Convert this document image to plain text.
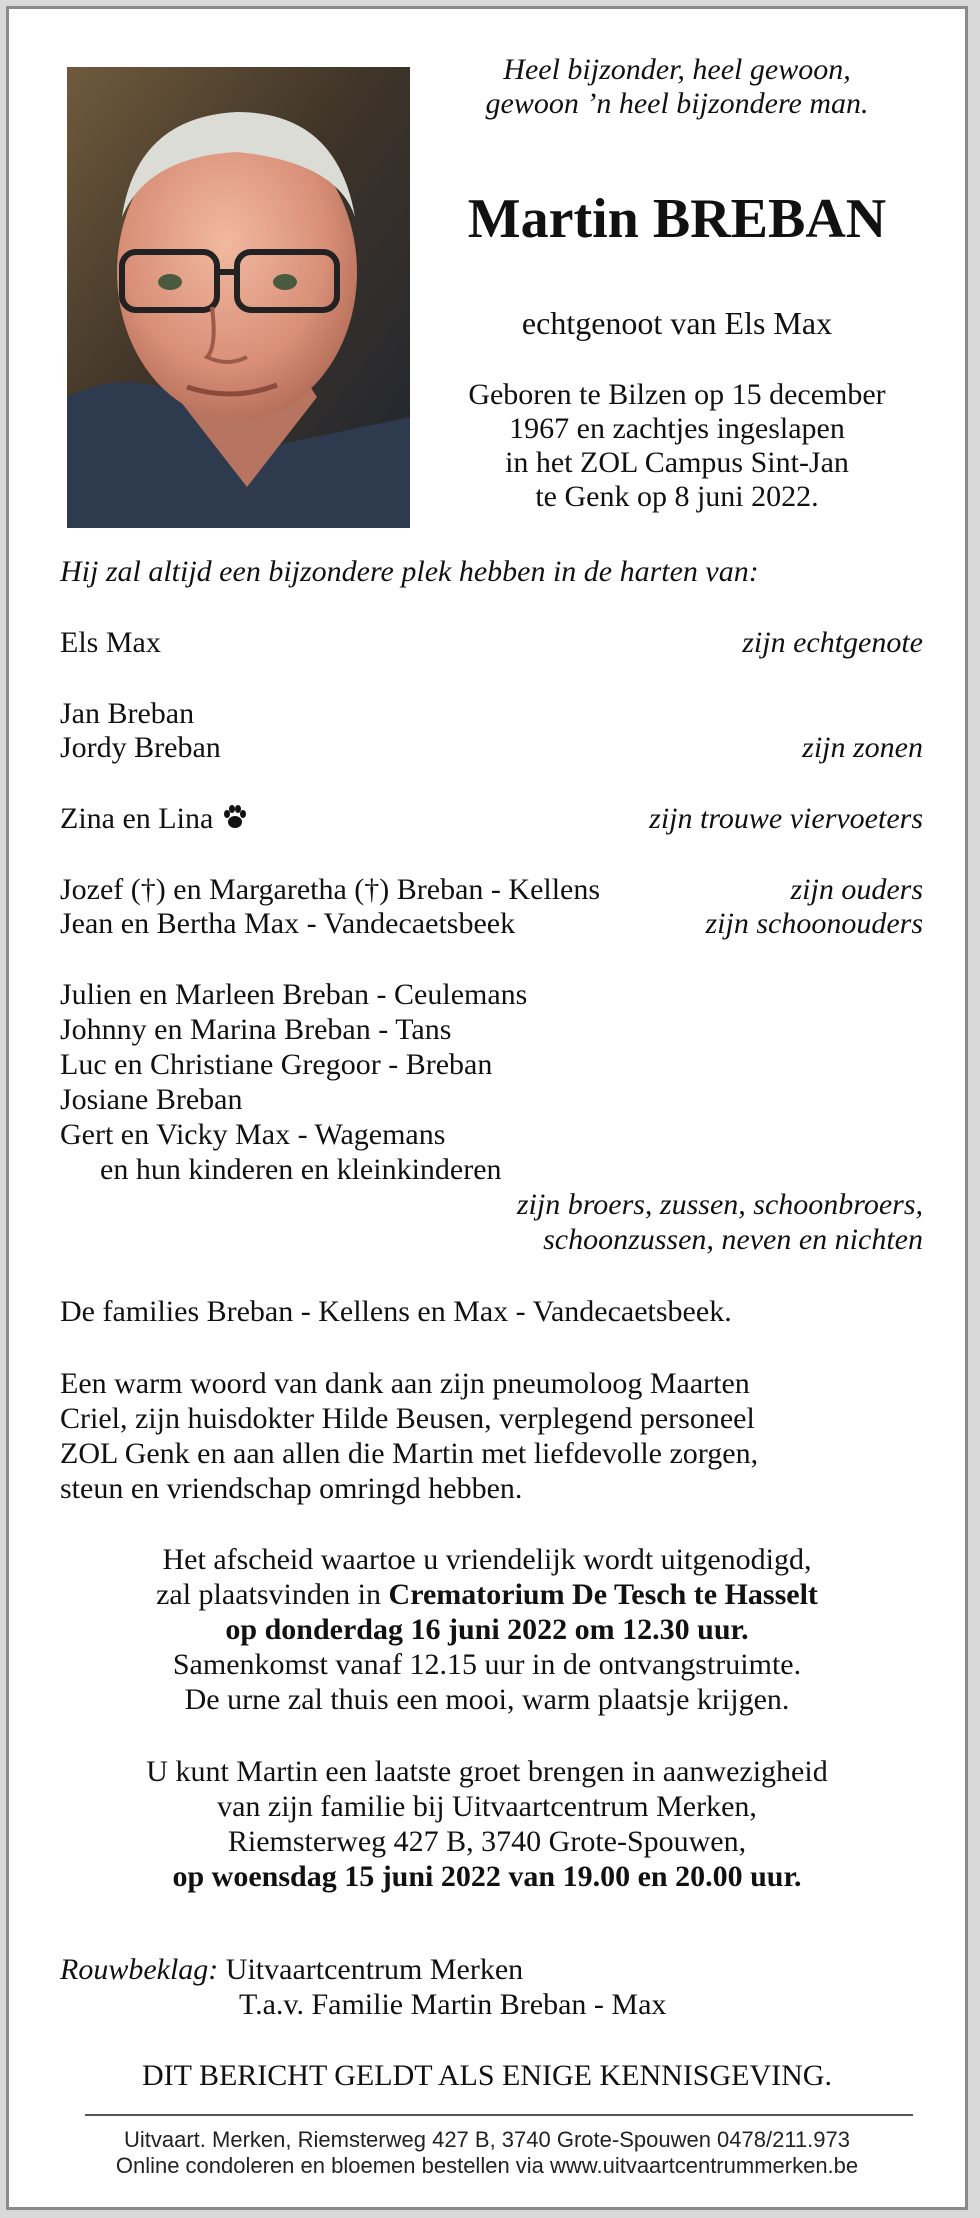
Heel bijzonder, heel gewoon,
gewoon ’n heel bijzondere man.
Martin BREBAN
echtgenoot van Els Max
Geboren te Bilzen op 15 december
1967 en zachtjes ingeslapen
in het ZOL Campus Sint-Jan
te Genk op 8 juni 2022.
Hij zal altijd een bijzondere plek hebben in de harten van:
Els Max	zijn echtgenote
Jan Breban
Jordy Breban	zijn zonen
Zina en Lina	zijn trouwe viervoeters
Jozef (†) en Margaretha (†) Breban - Kellens	zijn ouders
Jean en Bertha Max - Vandecaetsbeek	zijn schoonouders
Julien en Marleen Breban - Ceulemans
Johnny en Marina Breban - Tans
Luc en Christiane Gregoor - Breban
Josiane Breban
Gert en Vicky Max - Wagemans
en hun kinderen en kleinkinderen
zijn broers, zussen, schoonbroers,
schoonzussen, neven en nichten
De families Breban - Kellens en Max - Vandecaetsbeek.
Een warm woord van dank aan zijn pneumoloog Maarten
Criel, zijn huisdokter Hilde Beusen, verplegend personeel
ZOL Genk en aan allen die Martin met liefdevolle zorgen,
steun en vriendschap omringd hebben.
Het afscheid waartoe u vriendelijk wordt uitgenodigd,
zal plaatsvinden in Crematorium De Tesch te Hasselt
op donderdag 16 juni 2022 om 12.30 uur.
Samenkomst vanaf 12.15 uur in de ontvangstruimte.
De urne zal thuis een mooi, warm plaatsje krijgen.
U kunt Martin een laatste groet brengen in aanwezigheid
van zijn familie bij Uitvaartcentrum Merken,
Riemsterweg 427 B, 3740 Grote-Spouwen,
op woensdag 15 juni 2022 van 19.00 en 20.00 uur.
Rouwbeklag: Uitvaartcentrum Merken
T.a.v. Familie Martin Breban - Max
DIT BERICHT GELDT ALS ENIGE KENNISGEVING.
Uitvaart. Merken, Riemsterweg 427 B, 3740 Grote-Spouwen 0478/211.973
Online condoleren en bloemen bestellen via www.uitvaartcentrummerken.be
